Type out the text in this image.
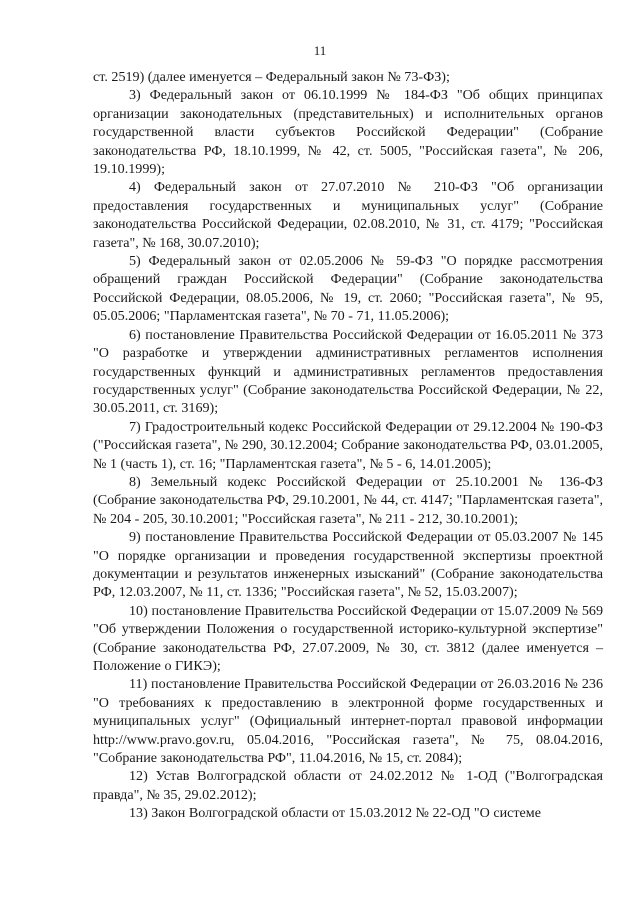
11

ст. 2519) (далее именуется – Федеральный закон № 73-ФЗ);

3) Федеральный закон от 06.10.1999 № 184-ФЗ "Об общих принципах организации законодательных (представительных) и исполнительных органов государственной власти субъектов Российской Федерации" (Собрание законодательства РФ, 18.10.1999, № 42, ст. 5005, "Российская газета", № 206, 19.10.1999);

4) Федеральный закон от 27.07.2010 № 210-ФЗ "Об организации предоставления государственных и муниципальных услуг" (Собрание законодательства Российской Федерации, 02.08.2010, № 31, ст. 4179; "Российская газета", № 168, 30.07.2010);

5) Федеральный закон от 02.05.2006 № 59-ФЗ "О порядке рассмотрения обращений граждан Российской Федерации" (Собрание законодательства Российской Федерации, 08.05.2006, № 19, ст. 2060; "Российская газета", № 95, 05.05.2006; "Парламентская газета", № 70 - 71, 11.05.2006);

6) постановление Правительства Российской Федерации от 16.05.2011 № 373 "О разработке и утверждении административных регламентов исполнения государственных функций и административных регламентов предоставления государственных услуг" (Собрание законодательства Российской Федерации, № 22, 30.05.2011, ст. 3169);

7) Градостроительный кодекс Российской Федерации от 29.12.2004 № 190-ФЗ ("Российская газета", № 290, 30.12.2004; Собрание законодательства РФ, 03.01.2005, № 1 (часть 1), ст. 16; "Парламентская газета", № 5 - 6, 14.01.2005);

8) Земельный кодекс Российской Федерации от 25.10.2001 № 136-ФЗ (Собрание законодательства РФ, 29.10.2001, № 44, ст. 4147; "Парламентская газета", № 204 - 205, 30.10.2001; "Российская газета", № 211 - 212, 30.10.2001);

9) постановление Правительства Российской Федерации от 05.03.2007 № 145 "О порядке организации и проведения государственной экспертизы проектной документации и результатов инженерных изысканий" (Собрание законодательства РФ, 12.03.2007, № 11, ст. 1336; "Российская газета", № 52, 15.03.2007);

10) постановление Правительства Российской Федерации от 15.07.2009 № 569 "Об утверждении Положения о государственной историко-культурной экспертизе" (Собрание законодательства РФ, 27.07.2009, № 30, ст. 3812 (далее именуется – Положение о ГИКЭ);

11) постановление Правительства Российской Федерации от 26.03.2016 № 236 "О требованиях к предоставлению в электронной форме государственных и муниципальных услуг" (Официальный интернет-портал правовой информации http://www.pravo.gov.ru, 05.04.2016, "Российская газета", № 75, 08.04.2016, "Собрание законодательства РФ", 11.04.2016, № 15, ст. 2084);

12) Устав Волгоградской области от 24.02.2012 № 1-ОД ("Волгоградская правда", № 35, 29.02.2012);

13) Закон Волгоградской области от 15.03.2012 № 22-ОД "О системе
